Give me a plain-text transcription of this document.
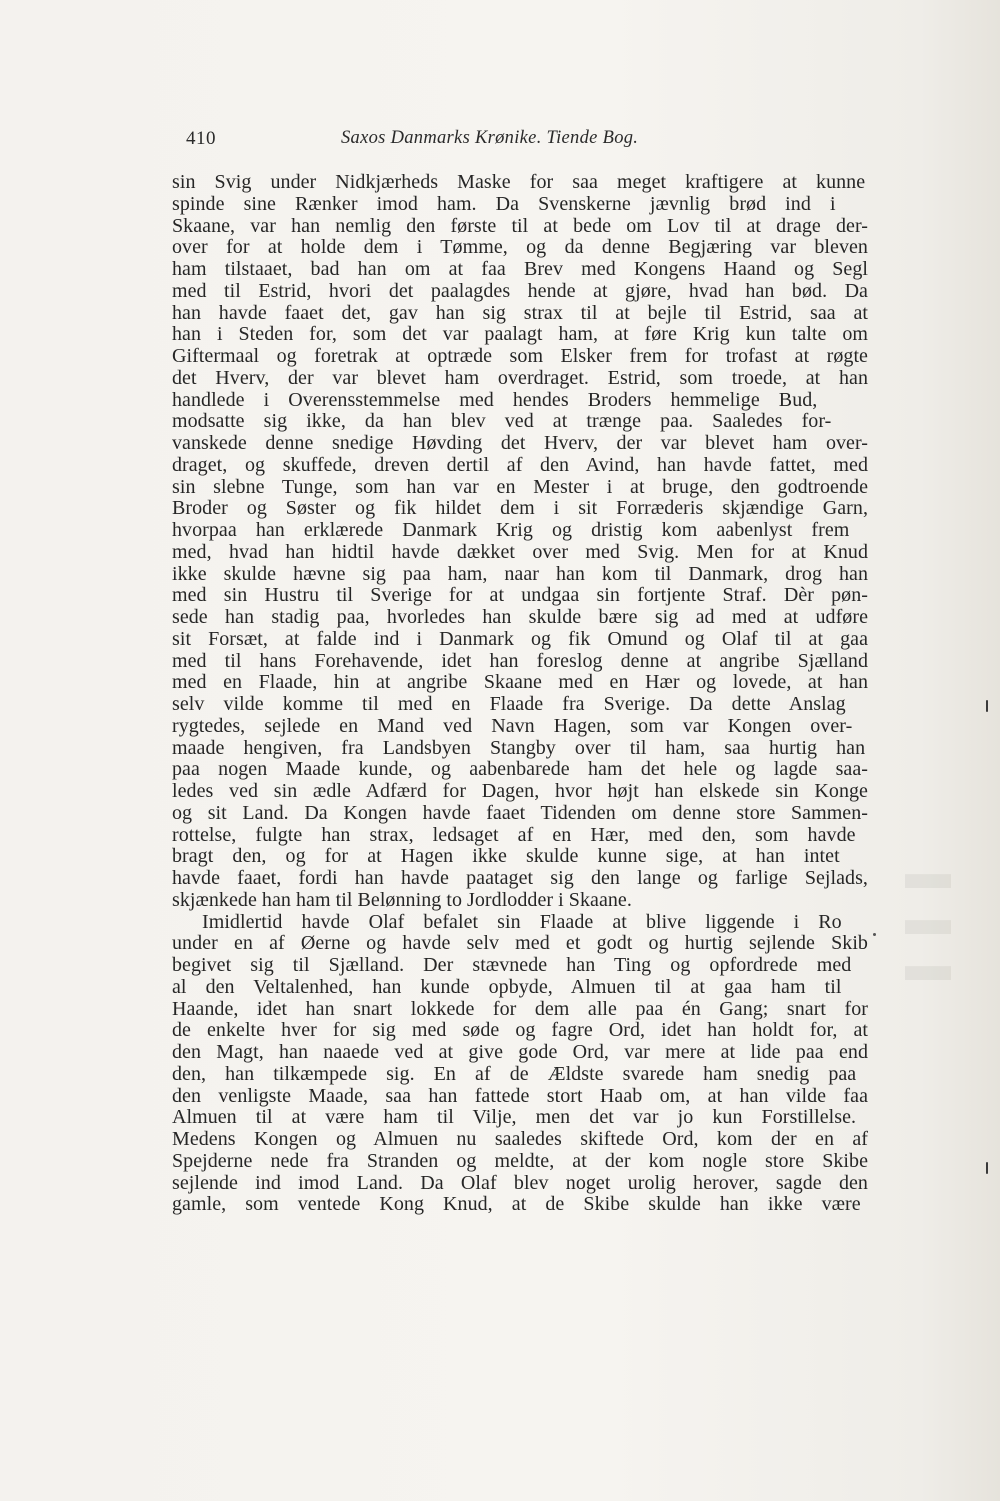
▬
▬
▬
410	Saxos Danmarks Krønike. Tiende Bog.
sin Svig under Nidkjærheds Maske for saa meget kraftigere at kunne
spinde sine Rænker imod ham. Da Svenskerne jævnlig brød ind i
Skaane, var han nemlig den første til at bede om Lov til at drage der-
over for at holde dem i Tømme, og da denne Begjæring var bleven
ham tilstaaet, bad han om at faa Brev med Kongens Haand og Segl
med til Estrid, hvori det paalagdes hende at gjøre, hvad han bød. Da
han havde faaet det, gav han sig strax til at bejle til Estrid, saa at
han i Steden for, som det var paalagt ham, at føre Krig kun talte om
Giftermaal og foretrak at optræde som Elsker frem for trofast at røgte
det Hverv, der var blevet ham overdraget. Estrid, som troede, at han
handlede i Overensstemmelse med hendes Broders hemmelige Bud,
modsatte sig ikke, da han blev ved at trænge paa. Saaledes for-
vanskede denne snedige Høvding det Hverv, der var blevet ham over-
draget, og skuffede, dreven dertil af den Avind, han havde fattet, med
sin slebne Tunge, som han var en Mester i at bruge, den godtroende
Broder og Søster og fik hildet dem i sit Forræderis skjændige Garn,
hvorpaa han erklærede Danmark Krig og dristig kom aabenlyst frem
med, hvad han hidtil havde dækket over med Svig. Men for at Knud
ikke skulde hævne sig paa ham, naar han kom til Danmark, drog han
med sin Hustru til Sverige for at undgaa sin fortjente Straf. Dèr pøn-
sede han stadig paa, hvorledes han skulde bære sig ad med at udføre
sit Forsæt, at falde ind i Danmark og fik Omund og Olaf til at gaa
med til hans Forehavende, idet han foreslog denne at angribe Sjælland
med en Flaade, hin at angribe Skaane med en Hær og lovede, at han
selv vilde komme til med en Flaade fra Sverige. Da dette Anslag
rygtedes, sejlede en Mand ved Navn Hagen, som var Kongen over-
maade hengiven, fra Landsbyen Stangby over til ham, saa hurtig han
paa nogen Maade kunde, og aabenbarede ham det hele og lagde saa-
ledes ved sin ædle Adfærd for Dagen, hvor højt han elskede sin Konge
og sit Land. Da Kongen havde faaet Tidenden om denne store Sammen-
rottelse, fulgte han strax, ledsaget af en Hær, med den, som havde
bragt den, og for at Hagen ikke skulde kunne sige, at han intet
havde faaet, fordi han havde paataget sig den lange og farlige Sejlads,
skjænkede han ham til Belønning to Jordlodder i Skaane.
Imidlertid havde Olaf befalet sin Flaade at blive liggende i Ro
under en af Øerne og havde selv med et godt og hurtig sejlende Skib
begivet sig til Sjælland. Der stævnede han Ting og opfordrede med
al den Veltalenhed, han kunde opbyde, Almuen til at gaa ham til
Haande, idet han snart lokkede for dem alle paa én Gang; snart for
de enkelte hver for sig med søde og fagre Ord, idet han holdt for, at
den Magt, han naaede ved at give gode Ord, var mere at lide paa end
den, han tilkæmpede sig. En af de Ældste svarede ham snedig paa
den venligste Maade, saa han fattede stort Haab om, at han vilde faa
Almuen til at være ham til Vilje, men det var jo kun Forstillelse.
Medens Kongen og Almuen nu saaledes skiftede Ord, kom der en af
Spejderne nede fra Stranden og meldte, at der kom nogle store Skibe
sejlende ind imod Land. Da Olaf blev noget urolig herover, sagde den
gamle, som ventede Kong Knud, at de Skibe skulde han ikke være
